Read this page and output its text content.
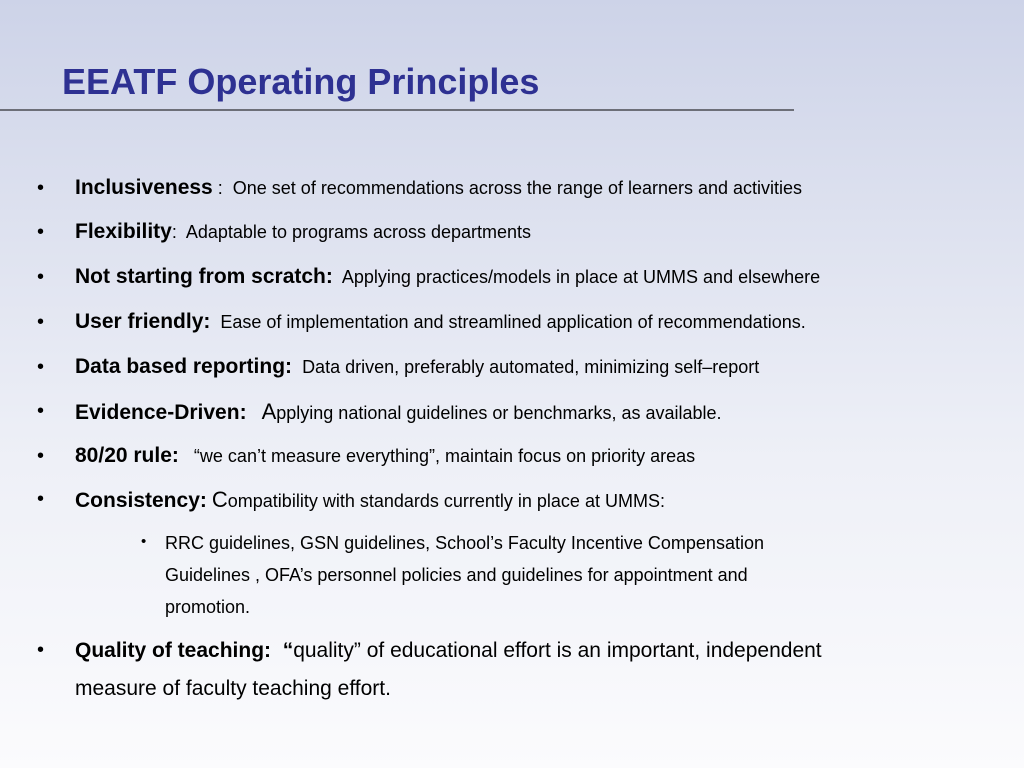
EEATF Operating Principles
• Inclusiveness :  One set of recommendations across the range of learners and activities
• Flexibility:  Adaptable to programs across departments
• Not starting from scratch: Applying practices/models in place at UMMS and elsewhere
• User friendly: Ease of implementation and streamlined application of recommendations.
• Data based reporting: Data driven, preferably automated, minimizing self–report
• Evidence-Driven: Applying national guidelines or benchmarks, as available.
• 80/20 rule: “we can’t measure everything”, maintain focus on priority areas
• Consistency: Compatibility with standards currently in place at UMMS:
• RRC guidelines, GSN guidelines, School’s Faculty Incentive Compensation
Guidelines , OFA’s personnel policies and guidelines for appointment and
promotion.
• Quality of teaching: “quality” of educational effort is an important, independent
measure of faculty teaching effort.
